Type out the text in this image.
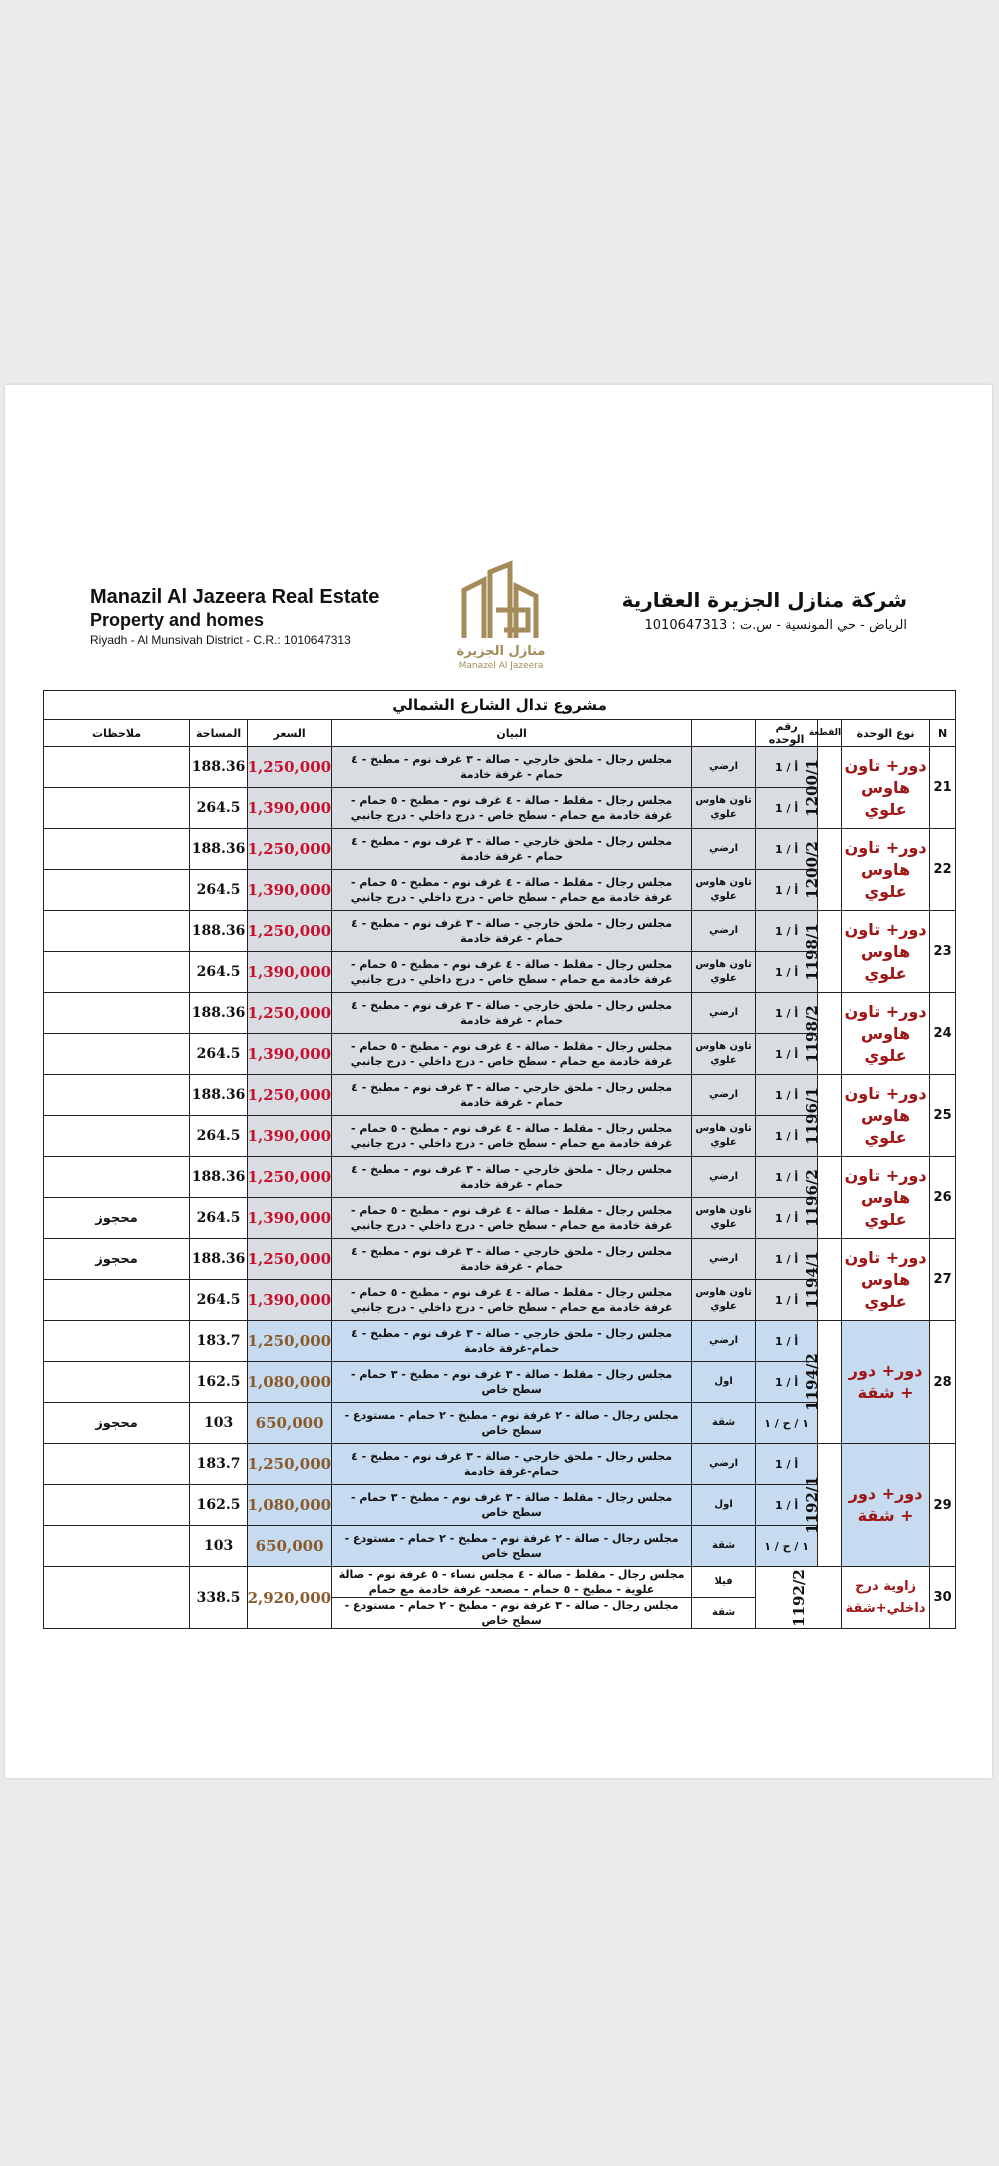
Manazil Al Jazeera Real Estate
Property and homes
Riyadh - Al Munsivah District - C.R.: 1010647313
منازل الجزيرة
Manazel Al Jazeera
شركة منازل الجزيرة العقارية
الرياض - حي المونسية - س.ت : 1010647313
مشروع تدال الشارع الشمالي								
N	نوع الوحدة	القطعة	رقم الوحده		البيان	السعر	المساحة	ملاحظات
21	دور+ تاون هاوس علوي	1200/1	أ / 1	ارضي	مجلس رجال - ملحق خارجي - صالة - ٣ غرف نوم - مطبخ - ٤ حمام - غرفة خادمة	1,250,000	188.36	
			أ / 1	تاون هاوس علوي	مجلس رجال - مقلط - صالة - ٤ غرف نوم - مطبخ - ٥ حمام - غرفة خادمة مع حمام - سطح خاص - درج داخلي - درج جانبي	1,390,000	264.5	
22	دور+ تاون هاوس علوي	1200/2	أ / 1	ارضي	مجلس رجال - ملحق خارجي - صالة - ٣ غرف نوم - مطبخ - ٤ حمام - غرفة خادمة	1,250,000	188.36	
			أ / 1	تاون هاوس علوي	مجلس رجال - مقلط - صالة - ٤ غرف نوم - مطبخ - ٥ حمام - غرفة خادمة مع حمام - سطح خاص - درج داخلي - درج جانبي	1,390,000	264.5	
23	دور+ تاون هاوس علوي	1198/1	أ / 1	ارضي	مجلس رجال - ملحق خارجي - صالة - ٣ غرف نوم - مطبخ - ٤ حمام - غرفة خادمة	1,250,000	188.36	
			أ / 1	تاون هاوس علوي	مجلس رجال - مقلط - صالة - ٤ غرف نوم - مطبخ - ٥ حمام - غرفة خادمة مع حمام - سطح خاص - درج داخلي - درج جانبي	1,390,000	264.5	
24	دور+ تاون هاوس علوي	1198/2	أ / 1	ارضي	مجلس رجال - ملحق خارجي - صالة - ٣ غرف نوم - مطبخ - ٤ حمام - غرفة خادمة	1,250,000	188.36	
			أ / 1	تاون هاوس علوي	مجلس رجال - مقلط - صالة - ٤ غرف نوم - مطبخ - ٥ حمام - غرفة خادمة مع حمام - سطح خاص - درج داخلي - درج جانبي	1,390,000	264.5	
25	دور+ تاون هاوس علوي	1196/1	أ / 1	ارضي	مجلس رجال - ملحق خارجي - صالة - ٣ غرف نوم - مطبخ - ٤ حمام - غرفة خادمة	1,250,000	188.36	
			أ / 1	تاون هاوس علوي	مجلس رجال - مقلط - صالة - ٤ غرف نوم - مطبخ - ٥ حمام - غرفة خادمة مع حمام - سطح خاص - درج داخلي - درج جانبي	1,390,000	264.5	
26	دور+ تاون هاوس علوي	1196/2	أ / 1	ارضي	مجلس رجال - ملحق خارجي - صالة - ٣ غرف نوم - مطبخ - ٤ حمام - غرفة خادمة	1,250,000	188.36	
			أ / 1	تاون هاوس علوي	مجلس رجال - مقلط - صالة - ٤ غرف نوم - مطبخ - ٥ حمام - غرفة خادمة مع حمام - سطح خاص - درج داخلي - درج جانبي	1,390,000	264.5	محجوز
27	دور+ تاون هاوس علوي	1194/1	أ / 1	ارضي	مجلس رجال - ملحق خارجي - صالة - ٣ غرف نوم - مطبخ - ٤ حمام - غرفة خادمة	1,250,000	188.36	محجوز
			أ / 1	تاون هاوس علوي	مجلس رجال - مقلط - صالة - ٤ غرف نوم - مطبخ - ٥ حمام - غرفة خادمة مع حمام - سطح خاص - درج داخلي - درج جانبي	1,390,000	264.5	
28	دور+ دور + شقة	1194/2	أ / 1	ارضي	مجلس رجال - ملحق خارجي - صالة - ٣ غرف نوم - مطبخ - ٤ حمام-غرفة خادمة	1,250,000	183.7	
			أ / 1	اول	مجلس رجال - مقلط - صالة - ٣ غرف نوم - مطبخ - ٣ حمام - سطح خاص	1,080,000	162.5	
			١ / ح / ١	شقة	مجلس رجال - صالة - ٢ غرفة نوم - مطبخ - ٢ حمام - مستودع - سطح خاص	650,000	103	محجوز
29	دور+ دور + شقة	1192/1	أ / 1	ارضي	مجلس رجال - ملحق خارجي - صالة - ٣ غرف نوم - مطبخ - ٤ حمام-غرفة خادمة	1,250,000	183.7	
			أ / 1	اول	مجلس رجال - مقلط - صالة - ٣ غرف نوم - مطبخ - ٣ حمام - سطح خاص	1,080,000	162.5	
			١ / ح / ١	شقة	مجلس رجال - صالة - ٢ غرفة نوم - مطبخ - ٢ حمام - مستودع - سطح خاص	650,000	103	
30	زاوية درج داخلي+شقة	1192/2		فيلا	مجلس رجال - مقلط - صالة - ٤ مجلس نساء - ٥ غرفة نوم - صالة علوية - مطبخ - ٥ حمام - مصعد- غرفة خادمة مع حمام	2,920,000	338.5	
				شقة	مجلس رجال - صالة - ٣ غرفة نوم - مطبخ - ٢ حمام - مستودع - سطح خاص			
